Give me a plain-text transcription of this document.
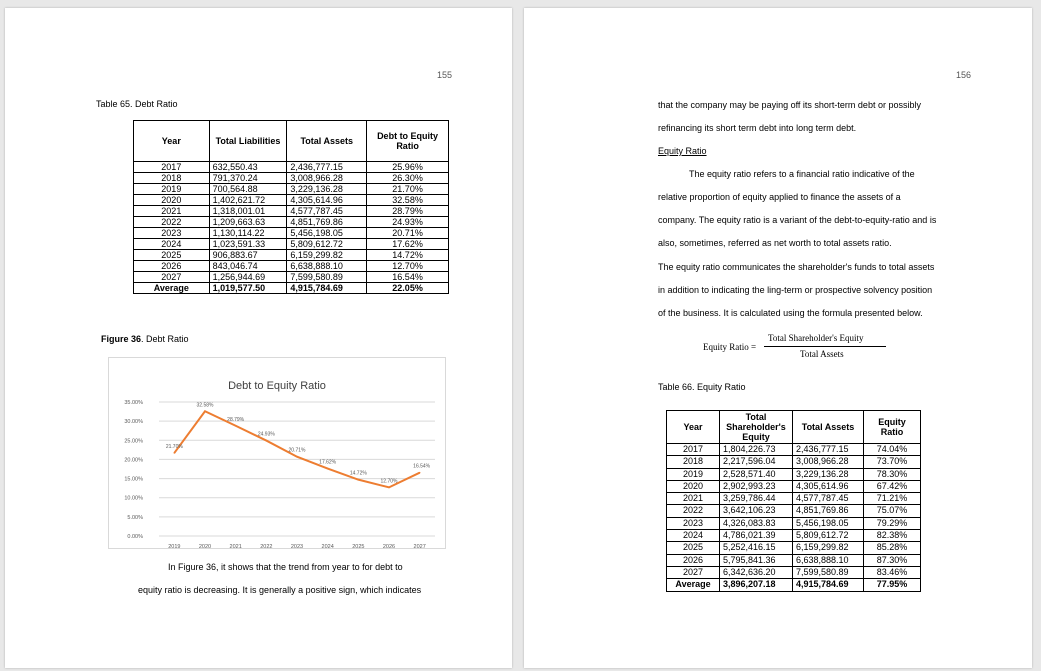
155
Table 65. Debt Ratio
Year	Total Liabilities	Total Assets	Debt to Equity Ratio
2017	632,550.43	2,436,777.15	25.96%
2018	791,370.24	3,008,966.28	26.30%
2019	700,564.88	3,229,136.28	21.70%
2020	1,402,621.72	4,305,614.96	32.58%
2021	1,318,001.01	4,577,787.45	28.79%
2022	1,209,663.63	4,851,769.86	24.93%
2023	1,130,114.22	5,456,198.05	20.71%
2024	1,023,591.33	5,809,612.72	17.62%
2025	906,883.67	6,159,299.82	14.72%
2026	843,046.74	6,638,888.10	12.70%
2027	1,256,944.69	7,599,580.89	16.54%
Average	1,019,577.50	4,915,784.69	22.05%
Figure 36. Debt Ratio
Debt to Equity Ratio
0.00%
5.00%
10.00%
15.00%
20.00%
25.00%
30.00%
35.00%
2019	2020	2021	2022	2023	2024	2025	2026	2027
21.70%
32.58%
28.79%
24.93%
20.71%
17.62%
14.72%
12.70%
16.54%
In Figure 36, it shows that the trend from year to for debt to
equity ratio is decreasing. It is generally a positive sign, which indicates
156
that the company may be paying off its short-term debt or possibly
refinancing its short term debt into long term debt.
Equity Ratio
The equity ratio refers to a financial ratio indicative of the
relative proportion of equity applied to finance the assets of a
company. The equity ratio is a variant of the debt-to-equity-ratio and is
also, sometimes, referred as net worth to total assets ratio.
The equity ratio communicates the shareholder's funds to total assets
in addition to indicating the ling-term or prospective solvency position
of the business. It is calculated using the formula presented below.
Equity Ratio =
Total Shareholder's Equity
Total Assets
Table 66. Equity Ratio
Year	Total Shareholder's Equity	Total Assets	Equity Ratio
2017	1,804,226.73	2,436,777.15	74.04%
2018	2,217,596.04	3,008,966.28	73.70%
2019	2,528,571.40	3,229,136.28	78.30%
2020	2,902,993.23	4,305,614.96	67.42%
2021	3,259,786.44	4,577,787.45	71.21%
2022	3,642,106.23	4,851,769.86	75.07%
2023	4,326,083.83	5,456,198.05	79.29%
2024	4,786,021.39	5,809,612.72	82.38%
2025	5,252,416.15	6,159,299.82	85.28%
2026	5,795,841.36	6,638,888.10	87.30%
2027	6,342,636.20	7,599,580.89	83.46%
Average	3,896,207.18	4,915,784.69	77.95%
